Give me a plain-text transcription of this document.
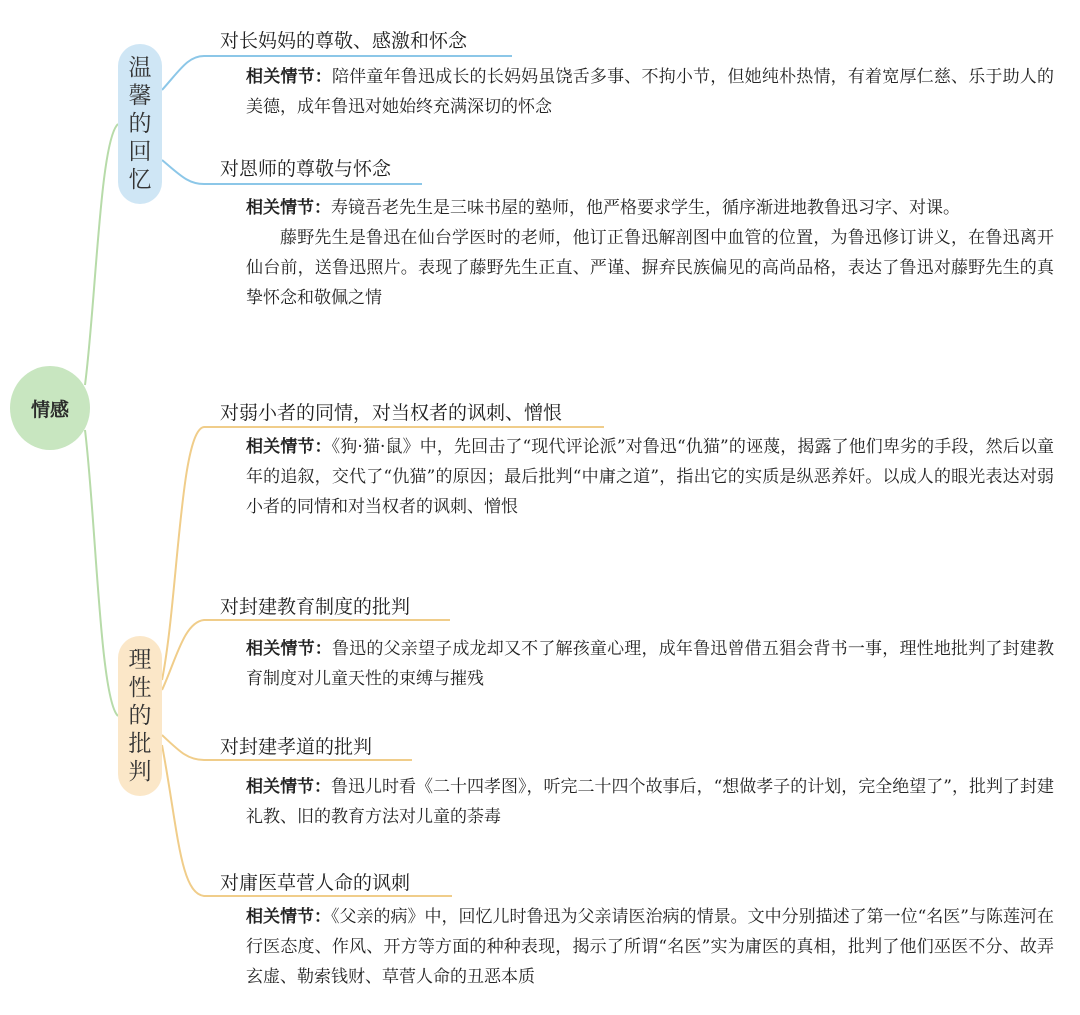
情感
温
馨
的
回
忆
理
性
的
批
判
对长妈妈的尊敬、感激和怀念

相关情节：陪伴童年鲁迅成长的长妈妈虽饶舌多事、不拘小节，但她纯朴热情，有着宽厚仁慈、乐于助人的美德，成年鲁迅对她始终充满深切的怀念

对恩师的尊敬与怀念

相关情节：寿镜吾老先生是三味书屋的塾师，他严格要求学生，循序渐进地教鲁迅习字、对课。

藤野先生是鲁迅在仙台学医时的老师，他订正鲁迅解剖图中血管的位置，为鲁迅修订讲义，在鲁迅离开仙台前，送鲁迅照片。表现了藤野先生正直、严谨、摒弃民族偏见的高尚品格，表达了鲁迅对藤野先生的真挚怀念和敬佩之情

对弱小者的同情，对当权者的讽刺、憎恨

相关情节：《狗·猫·鼠》中，先回击了“现代评论派”对鲁迅“仇猫”的诬蔑，揭露了他们卑劣的手段，然后以童年的追叙，交代了“仇猫”的原因；最后批判“中庸之道”，指出它的实质是纵恶养奸。以成人的眼光表达对弱小者的同情和对当权者的讽刺、憎恨

对封建教育制度的批判

相关情节：鲁迅的父亲望子成龙却又不了解孩童心理，成年鲁迅曾借五猖会背书一事，理性地批判了封建教育制度对儿童天性的束缚与摧残

对封建孝道的批判

相关情节：鲁迅儿时看《二十四孝图》，听完二十四个故事后，“想做孝子的计划，完全绝望了”，批判了封建礼教、旧的教育方法对儿童的荼毒

对庸医草菅人命的讽刺

相关情节：《父亲的病》中，回忆儿时鲁迅为父亲请医治病的情景。文中分别描述了第一位“名医”与陈莲河在行医态度、作风、开方等方面的种种表现，揭示了所谓“名医”实为庸医的真相，批判了他们巫医不分、故弄玄虚、勒索钱财、草菅人命的丑恶本质
